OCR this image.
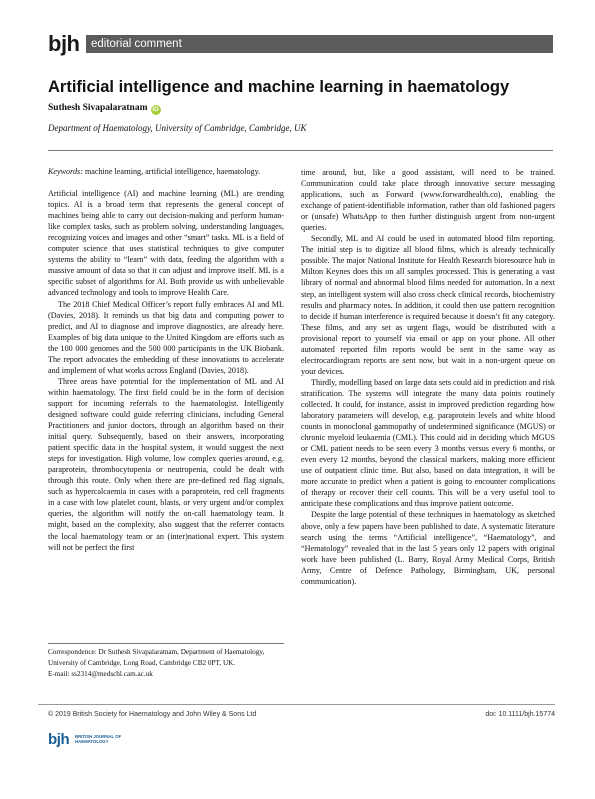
bjh editorial comment
Artificial intelligence and machine learning in haematology
Suthesh Sivapalaratnam iD
Department of Haematology, University of Cambridge, Cambridge, UK

Keywords: machine learning, artificial intelligence, haematology.

Artificial intelligence (AI) and machine learning (ML) are trending topics. AI is a broad term that represents the general concept of machines being able to carry out decision-making and perform human-like complex tasks, such as problem solving, understanding languages, recognizing voices and images and other “smart” tasks. ML is a field of computer science that uses statistical techniques to give computer systems the ability to “learn” with data, feeding the algorithm with a massive amount of data so that it can adjust and improve itself. ML is a specific subset of algorithms for AI. Both provide us with unbelievable advanced technology and tools to improve Health Care.

The 2018 Chief Medical Officer’s report fully embraces AI and ML (Davies, 2018). It reminds us that big data and computing power to predict, and AI to diagnose and improve diagnostics, are already here. Examples of big data unique to the United Kingdom are efforts such as the 100 000 genomes and the 500 000 participants in the UK Biobank. The report advocates the embedding of these innovations to accelerate and implement of what works across England (Davies, 2018).

Three areas have potential for the implementation of ML and AI within haematology. The first field could be in the form of decision support for incoming referrals to the haematologist. Intelligently designed software could guide referring clinicians, including General Practitioners and junior doctors, through an algorithm based on their initial query. Subsequently, based on their answers, incorporating patient specific data in the hospital system, it would suggest the next steps for investigation. High volume, low complex queries around, e.g. paraprotein, thrombocytopenia or neutropenia, could be dealt with through this route. Only when there are pre-defined red flag signals, such as hypercalcaemia in cases with a paraprotein, red cell fragments in a case with low platelet count, blasts, or very urgent and/or complex queries, the algorithm will notify the on-call haematology team. It might, based on the complexity, also suggest that the referrer contacts the local haematology team or an (inter)national expert. This system will not be perfect the first

time around, but, like a good assistant, will need to be trained. Communication could take place through innovative secure messaging applications, such as Forward (www.forwardhealth.co), enabling the exchange of patient-identifiable information, rather than old fashioned pagers or (unsafe) WhatsApp to then further distinguish urgent from non-urgent queries.

Secondly, ML and AI could be used in automated blood film reporting. The initial step is to digitize all blood films, which is already technically possible. The major National Institute for Health Research bioresource hub in Milton Keynes does this on all samples processed. This is generating a vast library of normal and abnormal blood films needed for automation. In a next step, an intelligent system will also cross check clinical records, biochemistry results and pharmacy notes. In addition, it could then use pattern recognition to decide if human interference is required because it doesn’t fit any category. These films, and any set as urgent flags, would be distributed with a provisional report to yourself via email or app on your phone. All other automated reported film reports would be sent in the same way as electrocardiogram reports are sent now, but wait in a non-urgent queue on your devices.

Thirdly, modelling based on large data sets could aid in prediction and risk stratification. The systems will integrate the many data points routinely collected. It could, for instance, assist in improved prediction regarding how laboratory parameters will develop, e.g. paraprotein levels and white blood counts in monoclonal gammopathy of undetermined significance (MGUS) or chronic myeloid leukaemia (CML). This could aid in deciding which MGUS or CML patient needs to be seen every 3 months versus every 6 months, or even every 12 months, beyond the classical markers, making more efficient use of outpatient clinic time. But also, based on data integration, it will be more accurate to predict when a patient is going to encounter complications of therapy or recover their cell counts. This will be a very useful tool to anticipate these complications and thus improve patient outcome.

Despite the large potential of these techniques in haematology as sketched above, only a few papers have been published to date. A systematic literature search using the terms “Artificial intelligence”, “Haematology”, and “Hematology” revealed that in the last 5 years only 12 papers with original work have been published (L. Barry, Royal Army Medical Corps, British Army, Centre of Defence Pathology, Birmingham, UK, personal communication).

Correspondence: Dr Suthesh Sivapalaratnam, Department of Haematology, University of Cambridge, Long Road, Cambridge CB2 0PT, UK.
E-mail: ss2314@medschl.cam.ac.uk
© 2019 British Society for Haematology and John Wiley & Sons Ltd	doi: 10.1111/bjh.15774
bjh BRITISH JOURNAL OF HAEMATOLOGY
